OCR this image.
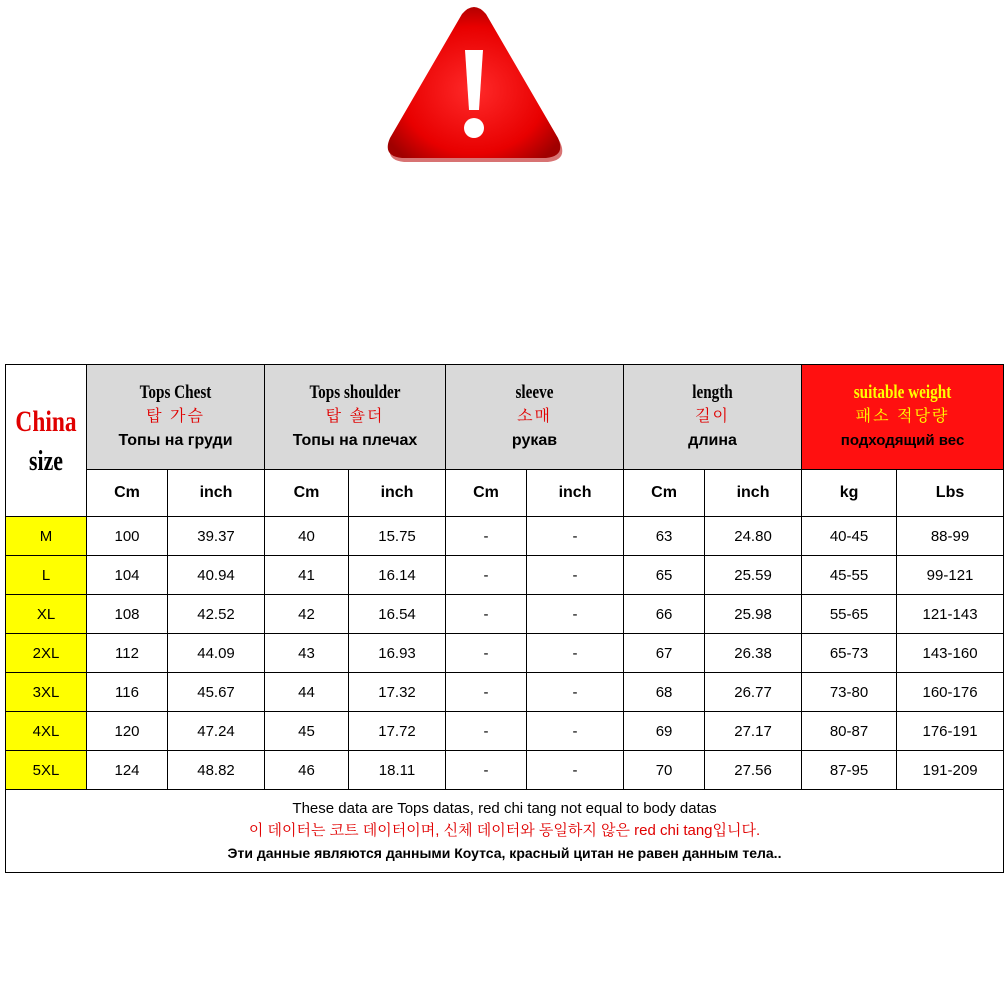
China
size	Tops Chest
탑 가슴
Топы на груди		Tops shoulder
탑 숄더
Топы на плечах		sleeve
소매
рукав		length
길이
длина		suitable weight
패소 적당량
подходящий вес	

	Cm	inch	Cm	inch	Cm	inch	Cm	inch	kg	Lbs
M	100	39.37	40	15.75	-	-	63	24.80	40-45	88-99
L	104	40.94	41	16.14	-	-	65	25.59	45-55	99-121
XL	108	42.52	42	16.54	-	-	66	25.98	55-65	121-143
2XL	112	44.09	43	16.93	-	-	67	26.38	65-73	143-160
3XL	116	45.67	44	17.32	-	-	68	26.77	73-80	160-176
4XL	120	47.24	45	17.72	-	-	69	27.17	80-87	176-191
5XL	124	48.82	46	18.11	-	-	70	27.56	87-95	191-209

These data are Tops datas, red chi tang not equal to body datas
이 데이터는 코트 데이터이며, 신체 데이터와 동일하지 않은 red chi tang입니다.
Эти данные являются данными Коутса, красный цитан не равен данным тела..										
